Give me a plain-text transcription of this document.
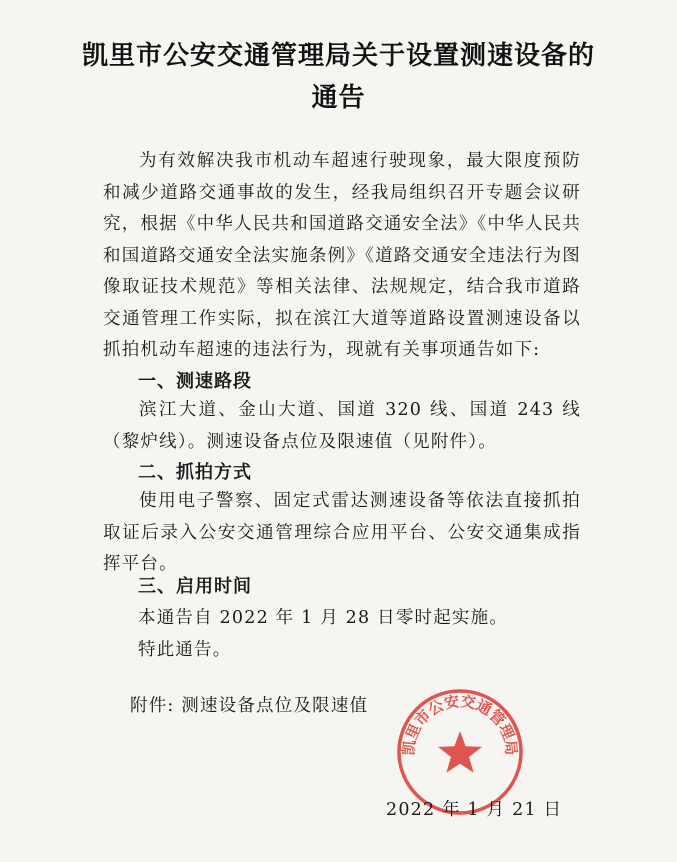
凯里市公安交通管理局关于设置测速设备的
通告

为有效解决我市机动车超速行驶现象，最大限度预防和减少道路交通事故的发生，经我局组织召开专题会议研究，根据《中华人民共和国道路交通安全法》《中华人民共和国道路交通安全法实施条例》《道路交通安全违法行为图像取证技术规范》等相关法律、法规规定，结合我市道路交通管理工作实际，拟在滨江大道等道路设置测速设备以抓拍机动车超速的违法行为，现就有关事项通告如下:

一、测速路段

滨江大道、金山大道、国道 320 线、国道 243 线（黎炉线）。测速设备点位及限速值（见附件）。

二、抓拍方式

使用电子警察、固定式雷达测速设备等依法直接抓拍取证后录入公安交通管理综合应用平台、公安交通集成指挥平台。

三、启用时间

本通告自 2022 年 1 月 28 日零时起实施。

特此通告。

附件: 测速设备点位及限速值

凯里市公安交通管理局

2022 年 1 月 21 日
